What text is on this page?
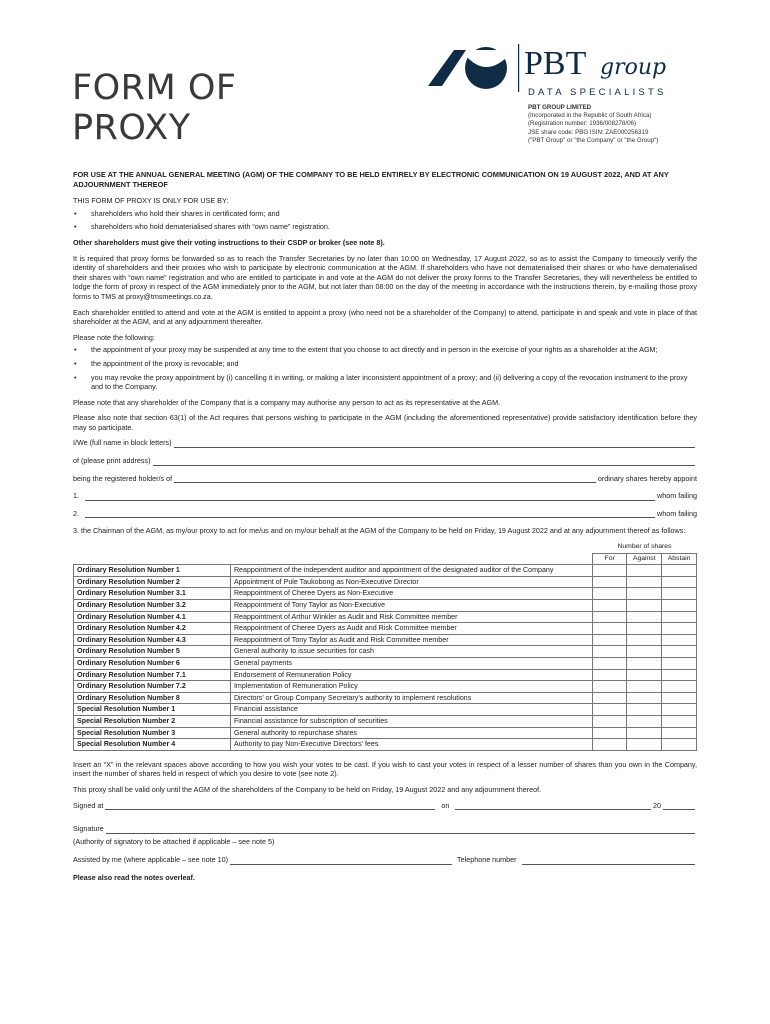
FORM OF
PROXY
PBT group
DATA SPECIALISTS
PBT GROUP LIMITED
(Incorporated in the Republic of South Africa)
(Registration number: 1936/008278/06)
JSE share code: PBG ISIN: ZAE000256319
("PBT Group" or "the Company" or "the Group")
FOR USE AT THE ANNUAL GENERAL MEETING (AGM) OF THE COMPANY TO BE HELD ENTIRELY BY ELECTRONIC COMMUNICATION ON 19 AUGUST 2022, AND AT ANY ADJOURNMENT THEREOF

THIS FORM OF PROXY IS ONLY FOR USE BY:

• shareholders who hold their shares in certificated form; and
• shareholders who hold dematerialised shares with “own name” registration.

Other shareholders must give their voting instructions to their CSDP or broker (see note 8).

It is required that proxy forms be forwarded so as to reach the Transfer Secretaries by no later than 10:00 on Wednesday, 17 August 2022, so as to assist the Company to timeously verify the identity of shareholders and their proxies who wish to participate by electronic communication at the AGM. If shareholders who have not dematerialised their shares or who have dematerialised their shares with “own name” registration and who are entitled to participate in and vote at the AGM do not deliver the proxy forms to the Transfer Secretaries, they will nevertheless be entitled to lodge the form of proxy in respect of the AGM immediately prior to the AGM, but not later than 08:00 on the day of the meeting in accordance with the instructions therein, by e-mailing those proxy forms to TMS at proxy@tmsmeetings.co.za.

Each shareholder entitled to attend and vote at the AGM is entitled to appoint a proxy (who need not be a shareholder of the Company) to attend, participate in and speak and vote in place of that shareholder at the AGM, and at any adjournment thereafter.

Please note the following:

• the appointment of your proxy may be suspended at any time to the extent that you choose to act directly and in person in the exercise of your rights as a shareholder at the AGM;
• the appointment of the proxy is revocable; and
• you may revoke the proxy appointment by (i) cancelling it in writing, or making a later inconsistent appointment of a proxy; and (ii) delivering a copy of the revocation instrument to the proxy and to the Company.

Please note that any shareholder of the Company that is a company may authorise any person to act as its representative at the AGM.

Please also note that section 63(1) of the Act requires that persons wishing to participate in the AGM (including the aforementioned representative) provide satisfactory identification before they may so participate.

I/We (full name in block letters)
of (please print address)
being the registered holder/s of	ordinary shares hereby appoint
1.	whom failing
2.	whom failing

3. the Chairman of the AGM, as my/our proxy to act for me/us and on my/our behalf at the AGM of the Company to be held on Friday, 19 August 2022 and at any adjournment thereof as follows:

		Number of shares		
		For	Against	Abstain
Ordinary Resolution Number 1	Reappointment of the independent auditor and appointment of the designated auditor of the Company			
Ordinary Resolution Number 2	Appointment of Pule Taukobong as Non-Executive Director			
Ordinary Resolution Number 3.1	Reappointment of Cheree Dyers as Non-Executive			
Ordinary Resolution Number 3.2	Reappointment of Tony Taylor as Non-Executive			
Ordinary Resolution Number 4.1	Reappointment of Arthur Winkler as Audit and Risk Committee member			
Ordinary Resolution Number 4.2	Reappointment of Cheree Dyers as Audit and Risk Committee member			
Ordinary Resolution Number 4.3	Reappointment of Tony Taylor as Audit and Risk Committee member			
Ordinary Resolution Number 5	General authority to issue securities for cash			
Ordinary Resolution Number 6	General payments			
Ordinary Resolution Number 7.1	Endorsement of Remuneration Policy			
Ordinary Resolution Number 7.2	Implementation of Remuneration Policy			
Ordinary Resolution Number 8	Directors’ or Group Company Secretary’s authority to implement resolutions			
Special Resolution Number 1	Financial assistance			
Special Resolution Number 2	Financial assistance for subscription of securities			
Special Resolution Number 3	General authority to repurchase shares			
Special Resolution Number 4	Authority to pay Non-Executive Directors’ fees			

Insert an “X” in the relevant spaces above according to how you wish your votes to be cast. If you wish to cast your votes in respect of a lesser number of shares than you own in the Company, insert the number of shares held in respect of which you desire to vote (see note 2).

This proxy shall be valid only until the AGM of the shareholders of the Company to be held on Friday, 19 August 2022 and any adjournment thereof.

Signed at	on	20
Signature

(Authority of signatory to be attached if applicable – see note 5)

Assisted by me (where applicable – see note 10)	Telephone number

Please also read the notes overleaf.
